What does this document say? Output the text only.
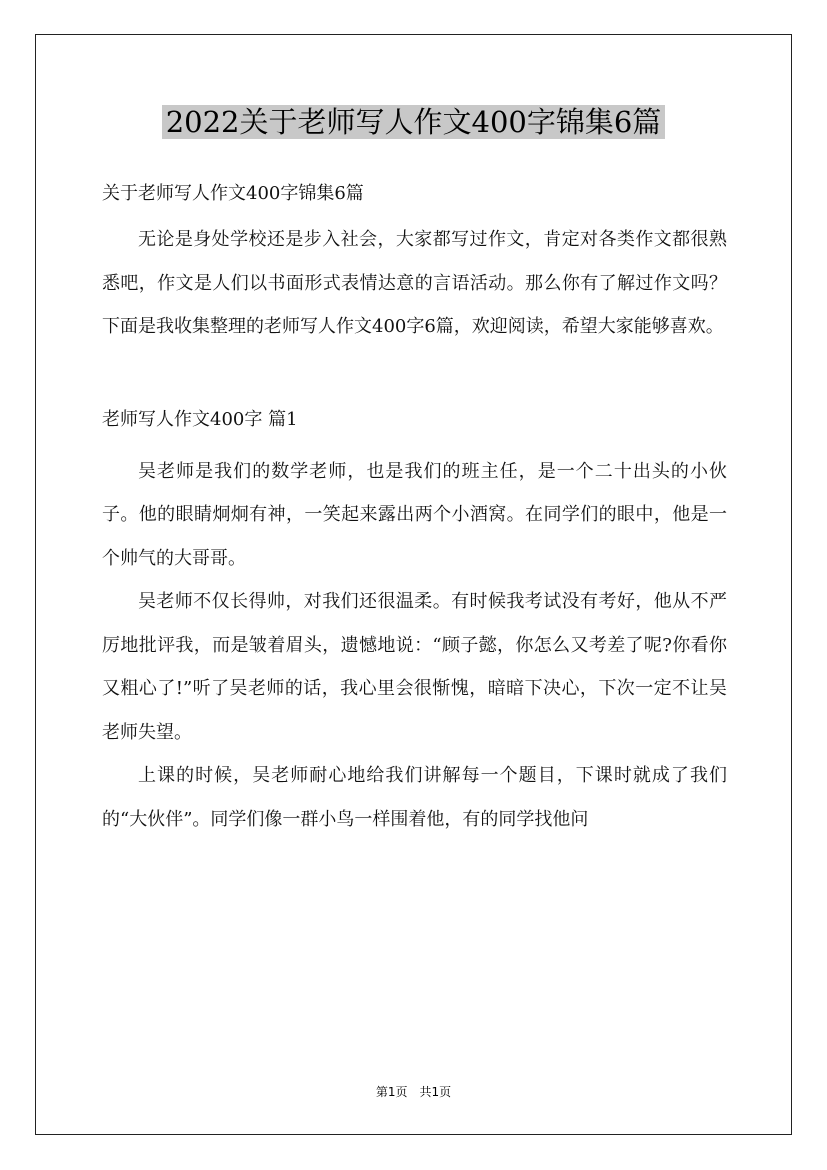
2022关于老师写人作文400字锦集6篇

关于老师写人作文400字锦集6篇

无论是身处学校还是步入社会，大家都写过作文，肯定对各类作文都很熟悉吧，作文是人们以书面形式表情达意的言语活动。那么你有了解过作文吗？下面是我收集整理的老师写人作文400字6篇，欢迎阅读，希望大家能够喜欢。

老师写人作文400字 篇1

吴老师是我们的数学老师，也是我们的班主任，是一个二十出头的小伙子。他的眼睛炯炯有神，一笑起来露出两个小酒窝。在同学们的眼中，他是一个帅气的大哥哥。

吴老师不仅长得帅，对我们还很温柔。有时候我考试没有考好，他从不严厉地批评我，而是皱着眉头，遗憾地说：“顾子懿，你怎么又考差了呢?你看你又粗心了!”听了吴老师的话，我心里会很惭愧，暗暗下决心，下次一定不让吴老师失望。

上课的时候，吴老师耐心地给我们讲解每一个题目，下课时就成了我们的“大伙伴”。同学们像一群小鸟一样围着他，有的同学找他问

第1页　共1页
